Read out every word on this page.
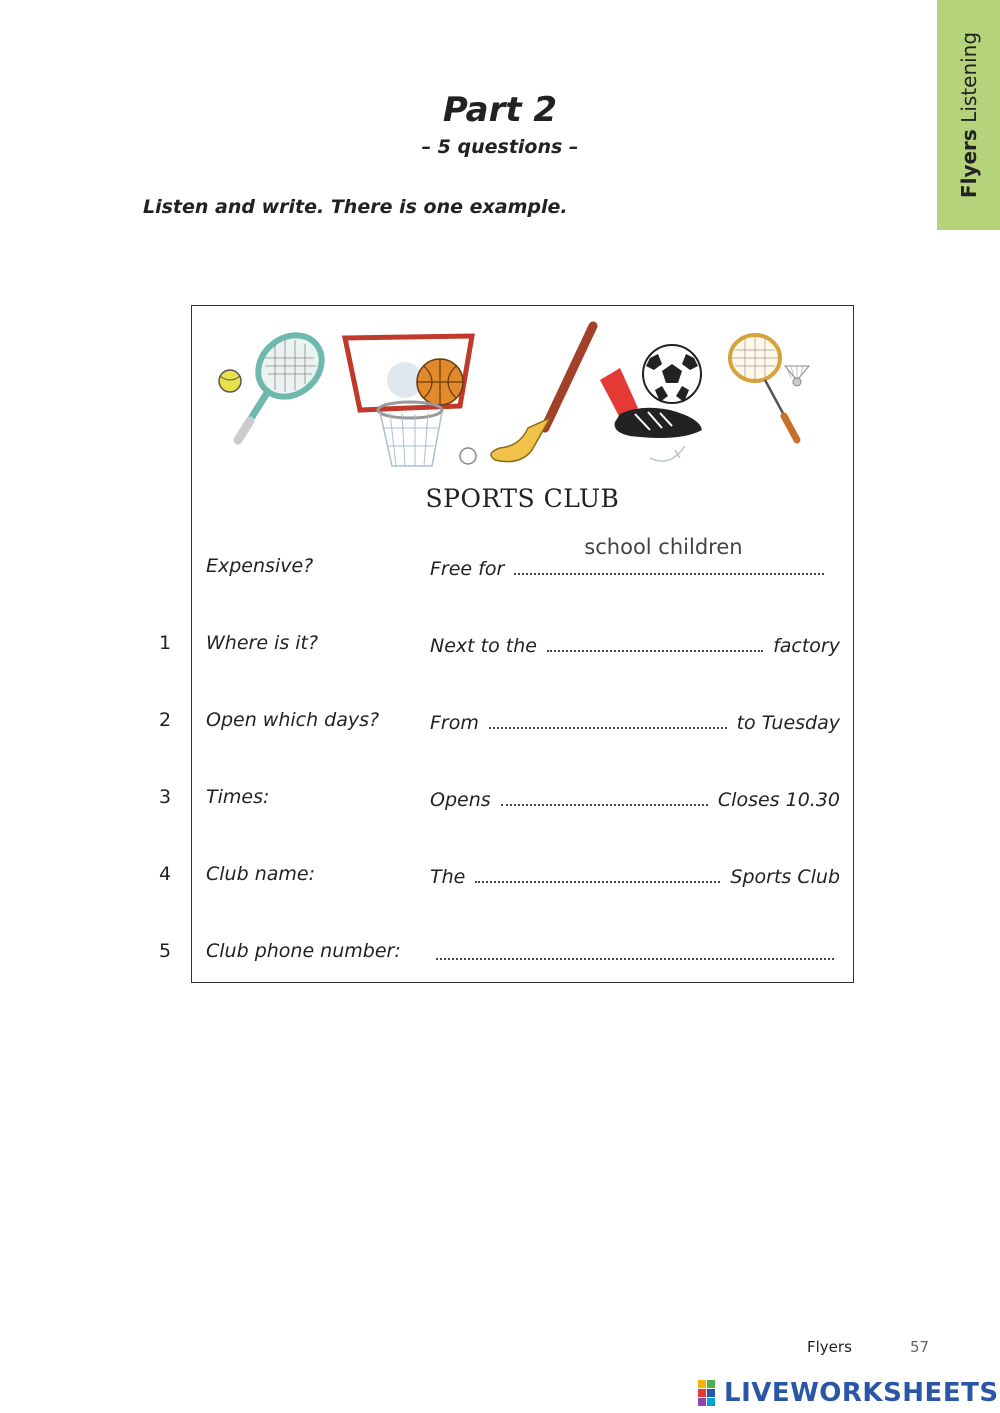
Flyers Listening
Part 2
– 5 questions –
Listen and write. There is one example.
SPORTS CLUB
Expensive?	Free for
school children
1 Where is it?	Next to the	factory
2 Open which days?	From	to Tuesday
3 Times:	Opens	Closes 10.30
4 Club name:	The	Sports Club
5 Club phone number:
Flyers	57
LIVEWORKSHEETS
